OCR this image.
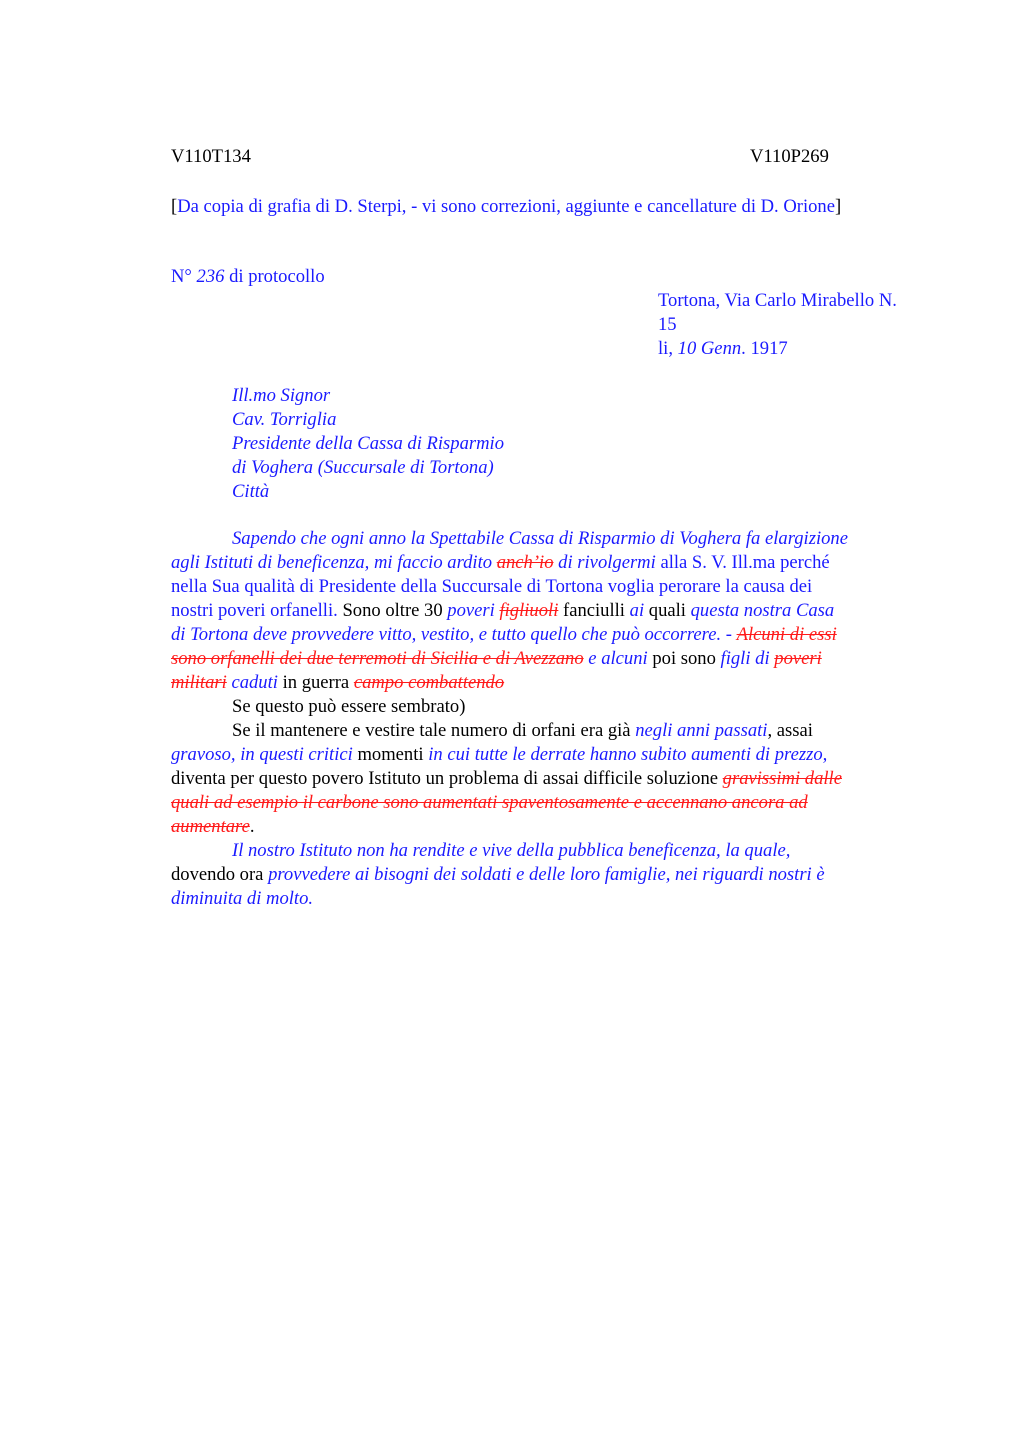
V110T134	V110P269
[Da copia di grafia di D. Sterpi, - vi sono correzioni, aggiunte e cancellature di D. Orione]
N° 236 di protocollo
Tortona, Via Carlo Mirabello N.
15
li, 10 Genn. 1917
Ill.mo Signor
Cav. Torriglia
Presidente della Cassa di Risparmio
di Voghera (Succursale di Tortona)
Città
Sapendo che ogni anno la Spettabile Cassa di Risparmio di Voghera fa elargizione
agli Istituti di beneficenza, mi faccio ardito anch’io di rivolgermi alla S. V. Ill.ma perché
nella Sua qualità di Presidente della Succursale di Tortona voglia perorare la causa dei
nostri poveri orfanelli. Sono oltre 30 poveri figliuoli fanciulli ai quali questa nostra Casa
di Tortona deve provvedere vitto, vestito, e tutto quello che può occorrere. - Alcuni di essi
sono orfanelli dei due terremoti di Sicilia e di Avezzano e alcuni poi sono figli di poveri
militari caduti in guerra campo combattendo
Se questo può essere sembrato)
Se il mantenere e vestire tale numero di orfani era già negli anni passati, assai
gravoso, in questi critici momenti in cui tutte le derrate hanno subito aumenti di prezzo,
diventa per questo povero Istituto un problema di assai difficile soluzione gravissimi dalle
quali ad esempio il carbone sono aumentati spaventosamente e accennano ancora ad
aumentare.
Il nostro Istituto non ha rendite e vive della pubblica beneficenza, la quale,
dovendo ora provvedere ai bisogni dei soldati e delle loro famiglie, nei riguardi nostri è
diminuita di molto.
